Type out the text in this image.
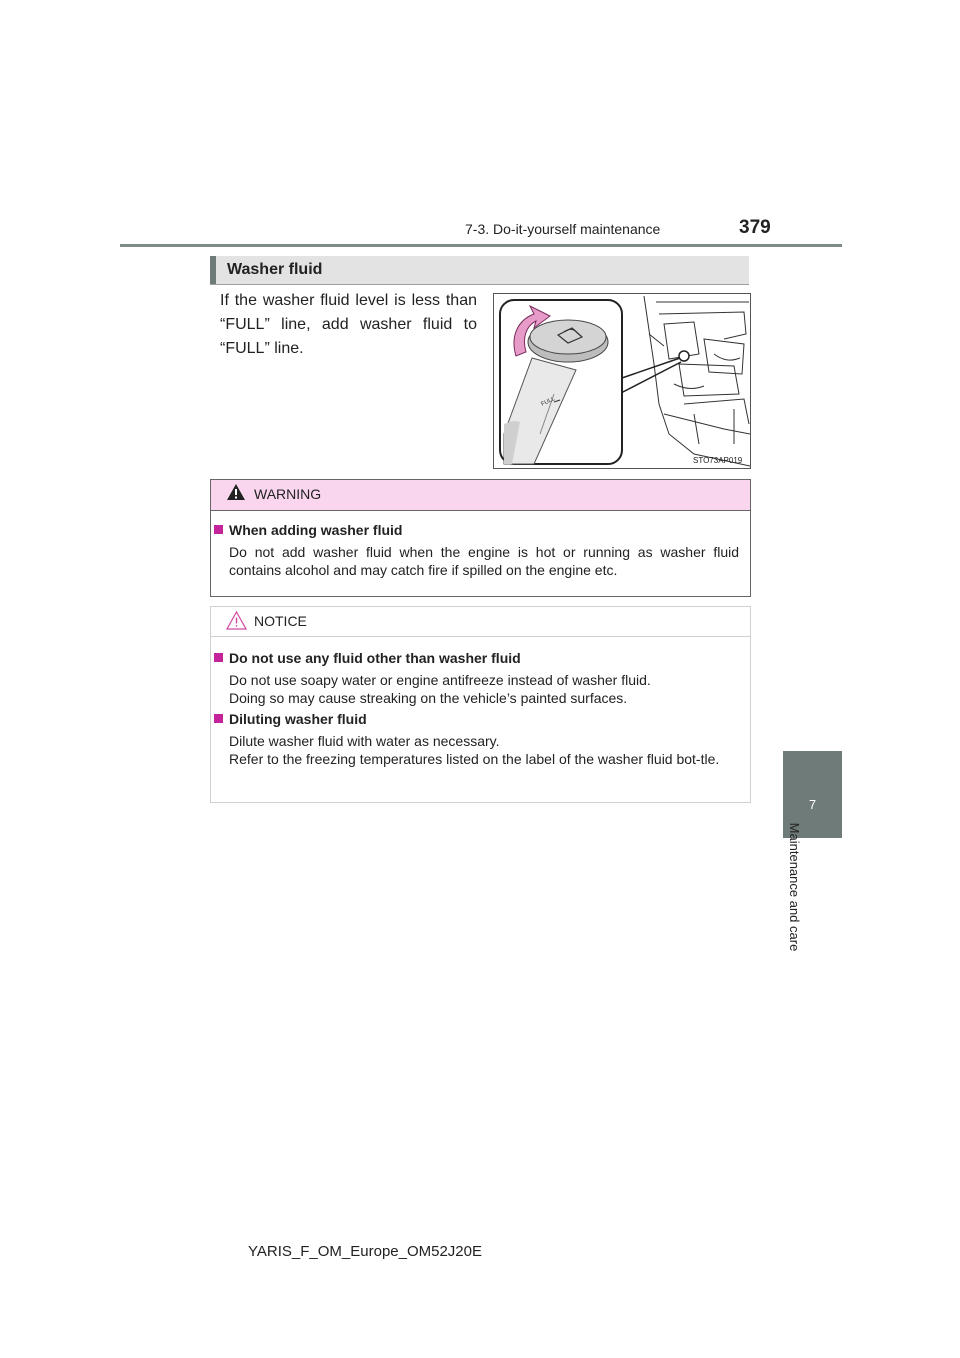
7-3. Do-it-yourself maintenance	379
7
Maintenance and care
Washer fluid
If the washer fluid level is less than “FULL” line, add washer fluid to “FULL” line.
FULL
STO73AP019
WARNING
When adding washer fluid
Do not add washer fluid when the engine is hot or running as washer fluid contains alcohol and may catch fire if spilled on the engine etc.
NOTICE
Do not use any fluid other than washer fluid
Do not use soapy water or engine antifreeze instead of washer fluid.
Doing so may cause streaking on the vehicle’s painted surfaces.
Diluting washer fluid
Dilute washer fluid with water as necessary.
Refer to the freezing temperatures listed on the label of the washer fluid bot-tle.
YARIS_F_OM_Europe_OM52J20E
